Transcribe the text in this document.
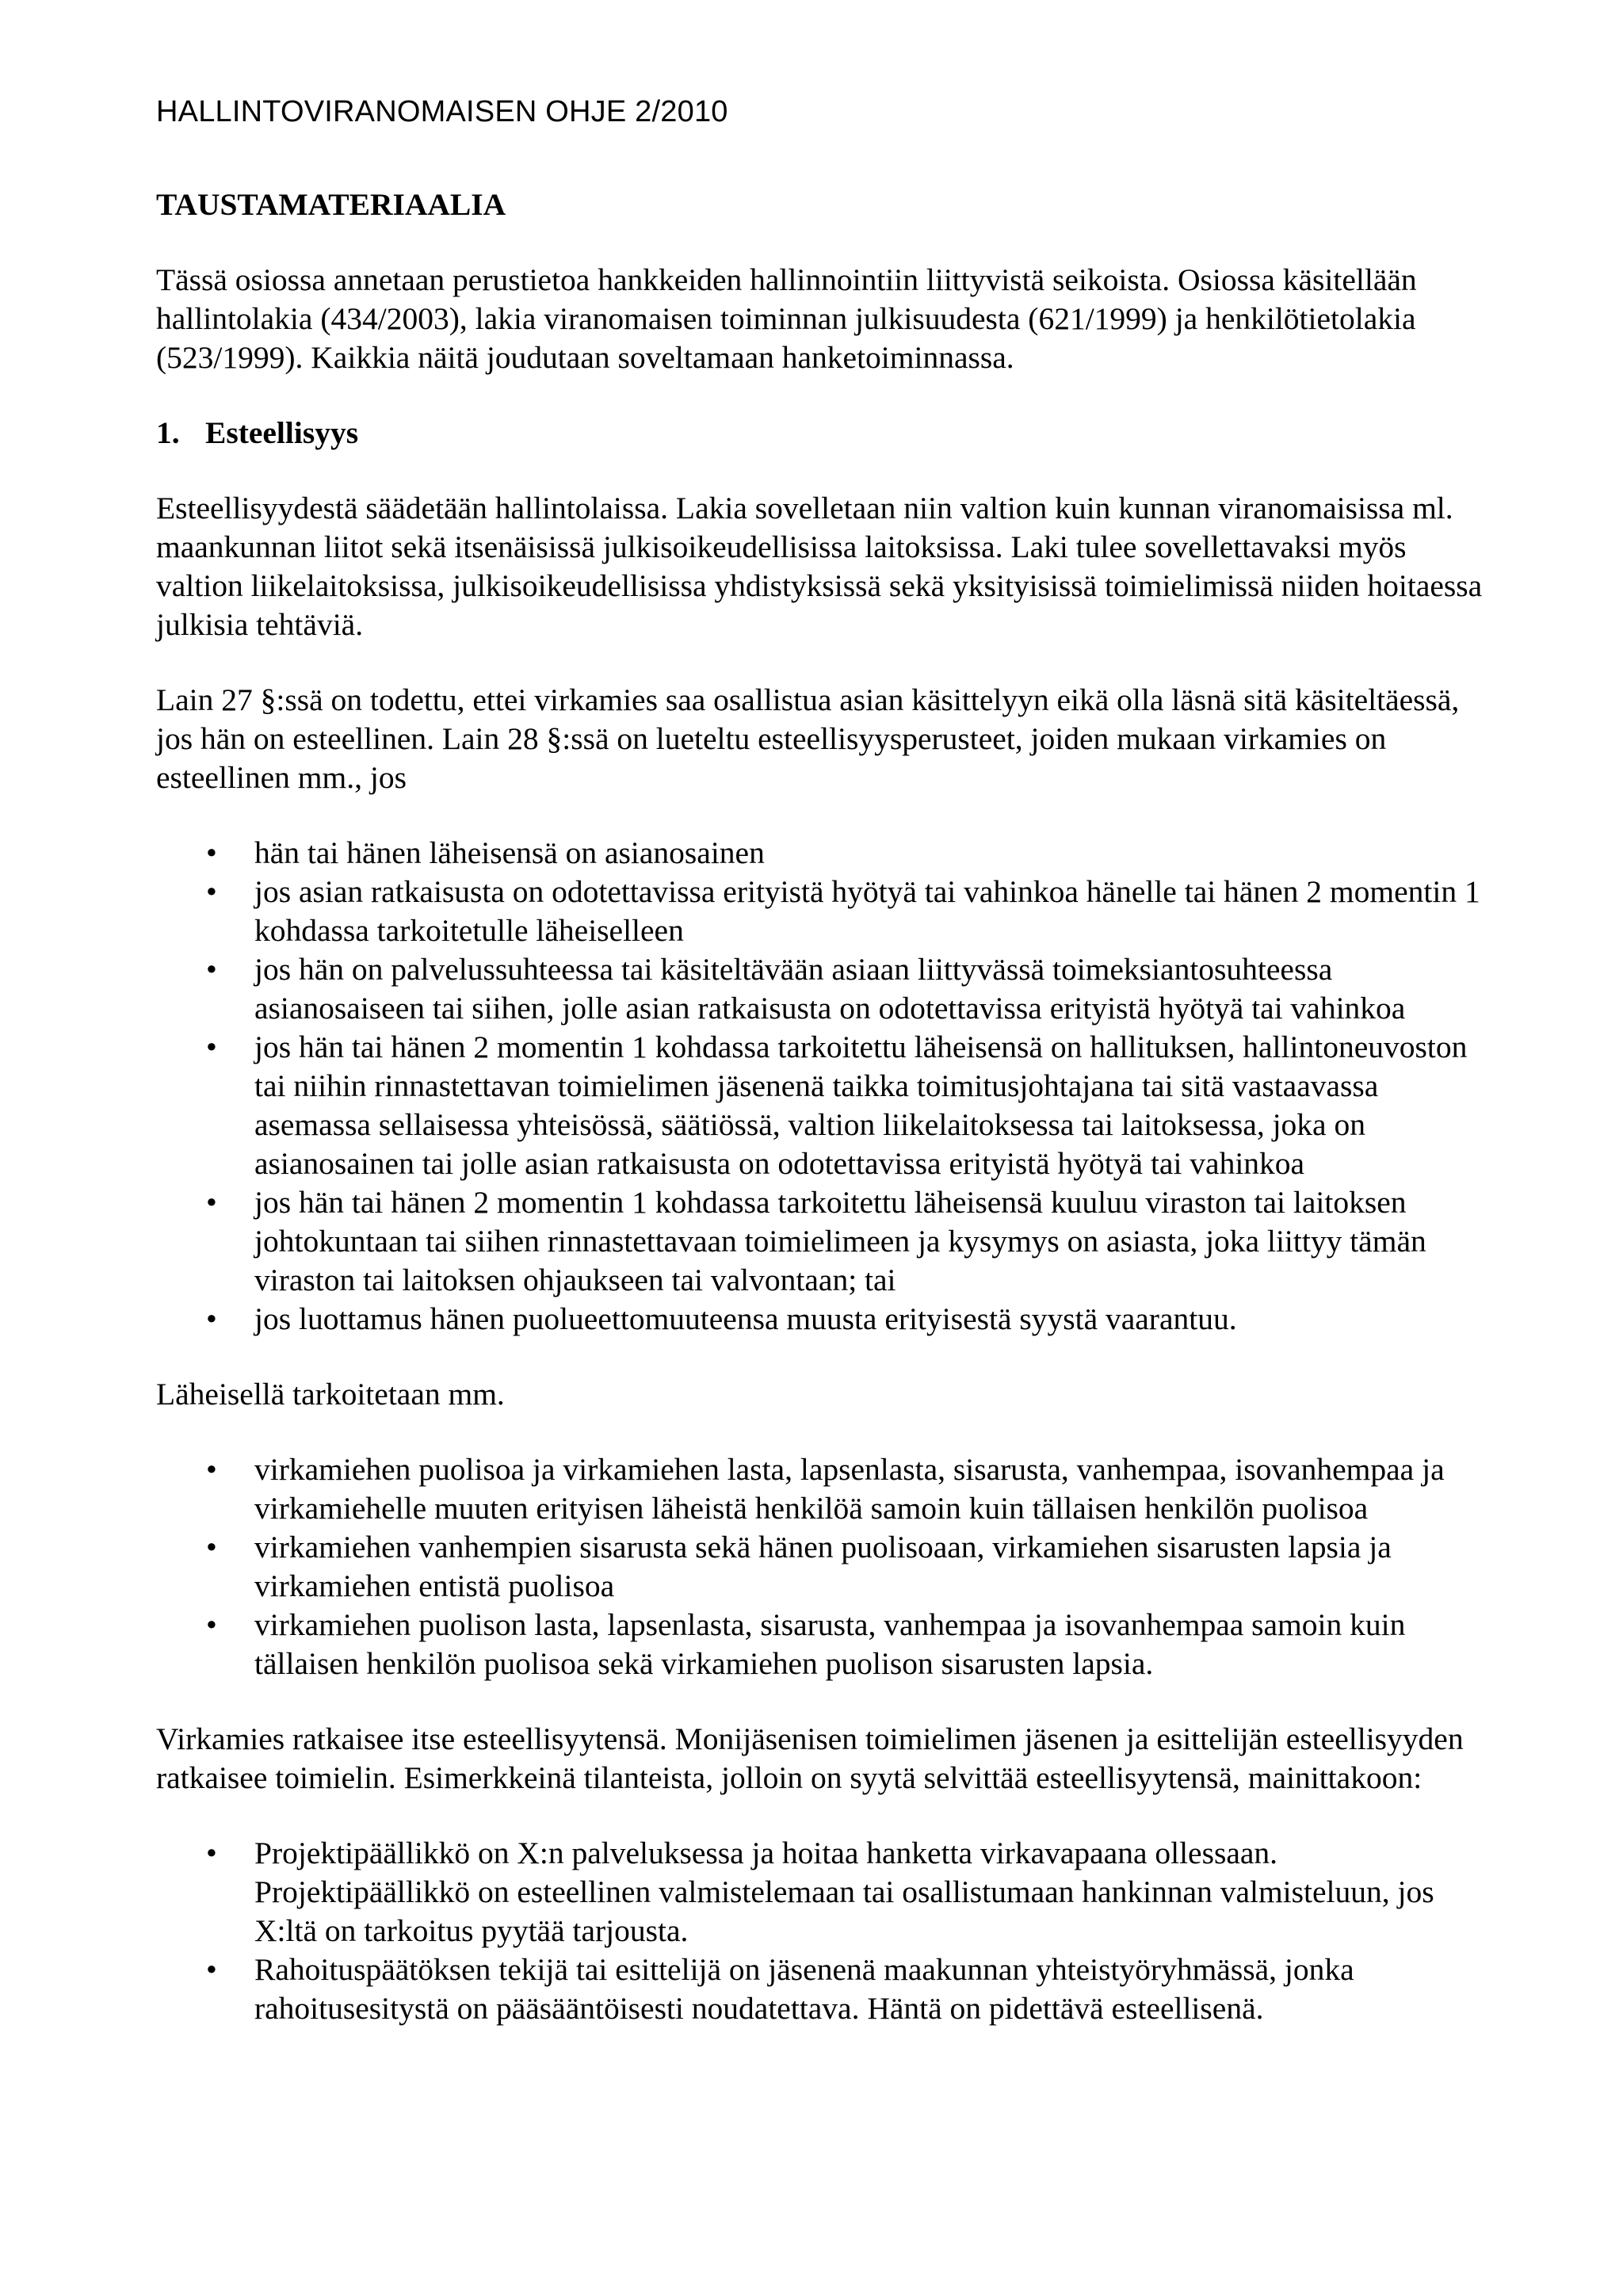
HALLINTOVIRANOMAISEN OHJE 2/2010
TAUSTAMATERIAALIA

Tässä osiossa annetaan perustietoa hankkeiden hallinnointiin liittyvistä seikoista. Osiossa käsitellään hallintolakia (434/2003), lakia viranomaisen toiminnan julkisuudesta (621/1999) ja henkilötietolakia (523/1999). Kaikkia näitä joudutaan soveltamaan hanketoiminnassa.

1. Esteellisyys

Esteellisyydestä säädetään hallintolaissa. Lakia sovelletaan niin valtion kuin kunnan viranomaisissa ml. maankunnan liitot sekä itsenäisissä julkisoikeudellisissa laitoksissa. Laki tulee sovellettavaksi myös valtion liikelaitoksissa, julkisoikeudellisissa yhdistyksissä sekä yksityisissä toimielimissä niiden hoitaessa julkisia tehtäviä.

Lain 27 §:ssä on todettu, ettei virkamies saa osallistua asian käsittelyyn eikä olla läsnä sitä käsiteltäessä, jos hän on esteellinen. Lain 28 §:ssä on lueteltu esteellisyysperusteet, joiden mukaan virkamies on esteellinen mm., jos

•	hän tai hänen läheisensä on asianosainen
•	jos asian ratkaisusta on odotettavissa erityistä hyötyä tai vahinkoa hänelle tai hänen 2 momentin 1 kohdassa tarkoitetulle läheiselleen
•	jos hän on palvelussuhteessa tai käsiteltävään asiaan liittyvässä toimeksiantosuhteessa asianosaiseen tai siihen, jolle asian ratkaisusta on odotettavissa erityistä hyötyä tai vahinkoa
•	jos hän tai hänen 2 momentin 1 kohdassa tarkoitettu läheisensä on hallituksen, hallintoneuvoston tai niihin rinnastettavan toimielimen jäsenenä taikka toimitusjohtajana tai sitä vastaavassa asemassa sellaisessa yhteisössä, säätiössä, valtion liikelaitoksessa tai laitoksessa, joka on asianosainen tai jolle asian ratkaisusta on odotettavissa erityistä hyötyä tai vahinkoa
•	jos hän tai hänen 2 momentin 1 kohdassa tarkoitettu läheisensä kuuluu viraston tai laitoksen johtokuntaan tai siihen rinnastettavaan toimielimeen ja kysymys on asiasta, joka liittyy tämän viraston tai laitoksen ohjaukseen tai valvontaan; tai
•	jos luottamus hänen puolueettomuuteensa muusta erityisestä syystä vaarantuu.

Läheisellä tarkoitetaan mm.

•	virkamiehen puolisoa ja virkamiehen lasta, lapsenlasta, sisarusta, vanhempaa, isovanhempaa ja virkamiehelle muuten erityisen läheistä henkilöä samoin kuin tällaisen henkilön puolisoa
•	virkamiehen vanhempien sisarusta sekä hänen puolisoaan, virkamiehen sisarusten lapsia ja virkamiehen entistä puolisoa
•	virkamiehen puolison lasta, lapsenlasta, sisarusta, vanhempaa ja isovanhempaa samoin kuin tällaisen henkilön puolisoa sekä virkamiehen puolison sisarusten lapsia.

Virkamies ratkaisee itse esteellisyytensä. Monijäsenisen toimielimen jäsenen ja esittelijän esteellisyyden ratkaisee toimielin. Esimerkkeinä tilanteista, jolloin on syytä selvittää esteellisyytensä, mainittakoon:

•	Projektipäällikkö on X:n palveluksessa ja hoitaa hanketta virkavapaana ollessaan. Projektipäällikkö on esteellinen valmistelemaan tai osallistumaan hankinnan valmisteluun, jos X:ltä on tarkoitus pyytää tarjousta.
•	Rahoituspäätöksen tekijä tai esittelijä on jäsenenä maakunnan yhteistyöryhmässä, jonka rahoitusesitystä on pääsääntöisesti noudatettava. Häntä on pidettävä esteellisenä.
